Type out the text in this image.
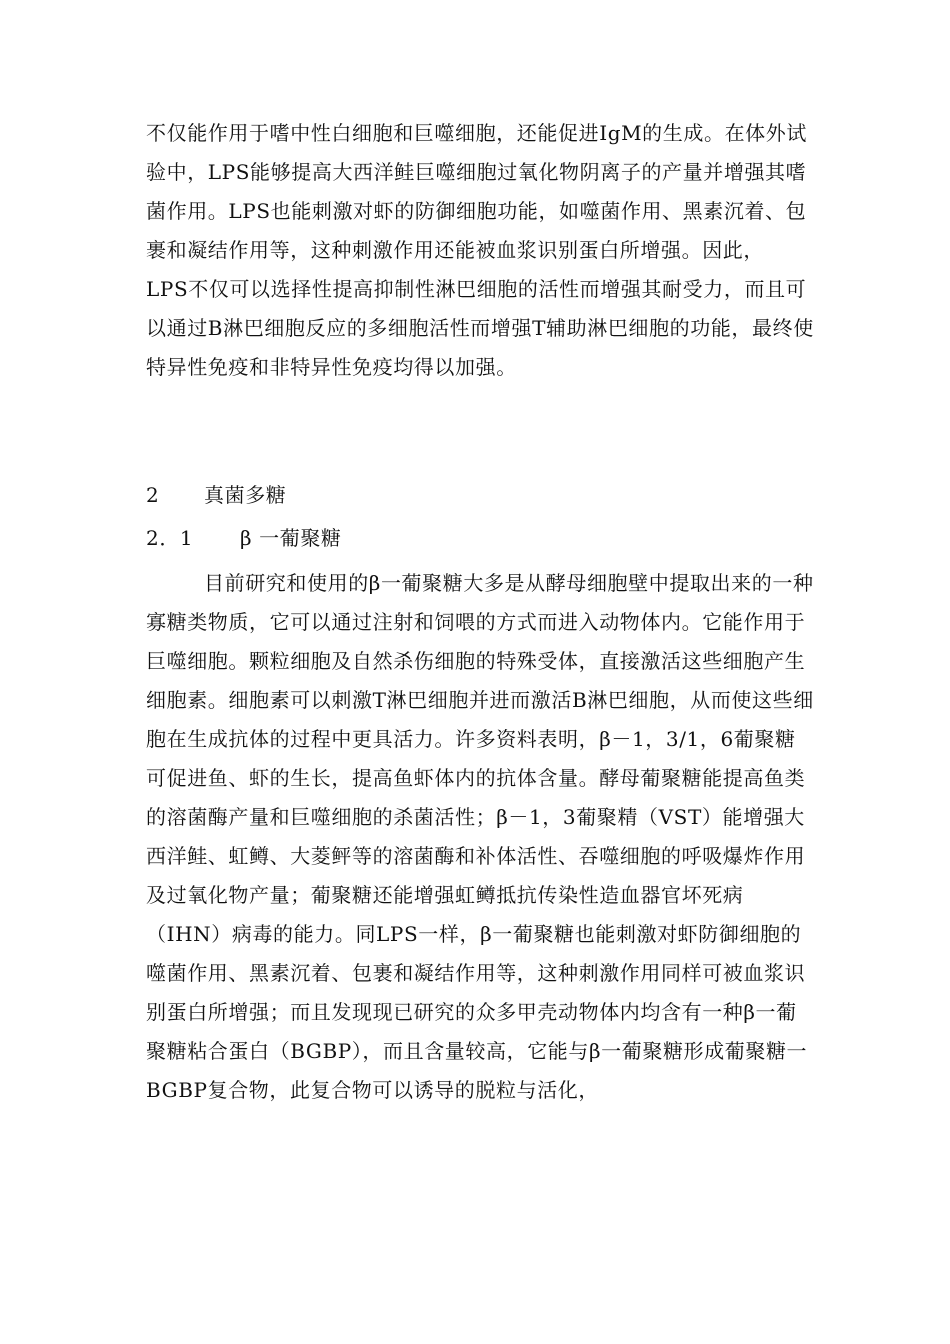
不仅能作用于嗜中性白细胞和巨噬细胞，还能促进IgM的生成。在体外试验中，LPS能够提高大西洋鲑巨噬细胞过氧化物阴离子的产量并增强其嗜菌作用。LPS也能刺激对虾的防御细胞功能，如噬菌作用、黑素沉着、包裹和凝结作用等，这种刺激作用还能被血浆识别蛋白所增强。因此，　LPS不仅可以选择性提高抑制性淋巴细胞的活性而增强其耐受力，而且可以通过B淋巴细胞反应的多细胞活性而增强T辅助淋巴细胞的功能，最终使特异性免疫和非特异性免疫均得以加强。

2 真菌多糖
2．1 β 一葡聚糖

目前研究和使用的β一葡聚糖大多是从酵母细胞壁中提取出来的一种寡糖类物质，它可以通过注射和饲喂的方式而进入动物体内。它能作用于巨噬细胞。颗粒细胞及自然杀伤细胞的特殊受体，直接激活这些细胞产生细胞素。细胞素可以刺激T淋巴细胞并进而激活B淋巴细胞，从而使这些细胞在生成抗体的过程中更具活力。许多资料表明，β－1，3/1，6葡聚糖可促进鱼、虾的生长，提高鱼虾体内的抗体含量。酵母葡聚糖能提高鱼类的溶菌酶产量和巨噬细胞的杀菌活性；β－1，3葡聚精（VST）能增强大西洋鲑、虹鳟、大菱鲆等的溶菌酶和补体活性、吞噬细胞的呼吸爆炸作用及过氧化物产量；葡聚糖还能增强虹鳟抵抗传染性造血器官坏死病（IHN）病毒的能力。同LPS一样，β一葡聚糖也能刺激对虾防御细胞的噬菌作用、黑素沉着、包裹和凝结作用等，这种刺激作用同样可被血浆识别蛋白所增强；而且发现现已研究的众多甲壳动物体内均含有一种β一葡聚糖粘合蛋白（BGBP），而且含量较高，它能与β一葡聚糖形成葡聚糖一BGBP复合物，此复合物可以诱导的脱粒与活化，
